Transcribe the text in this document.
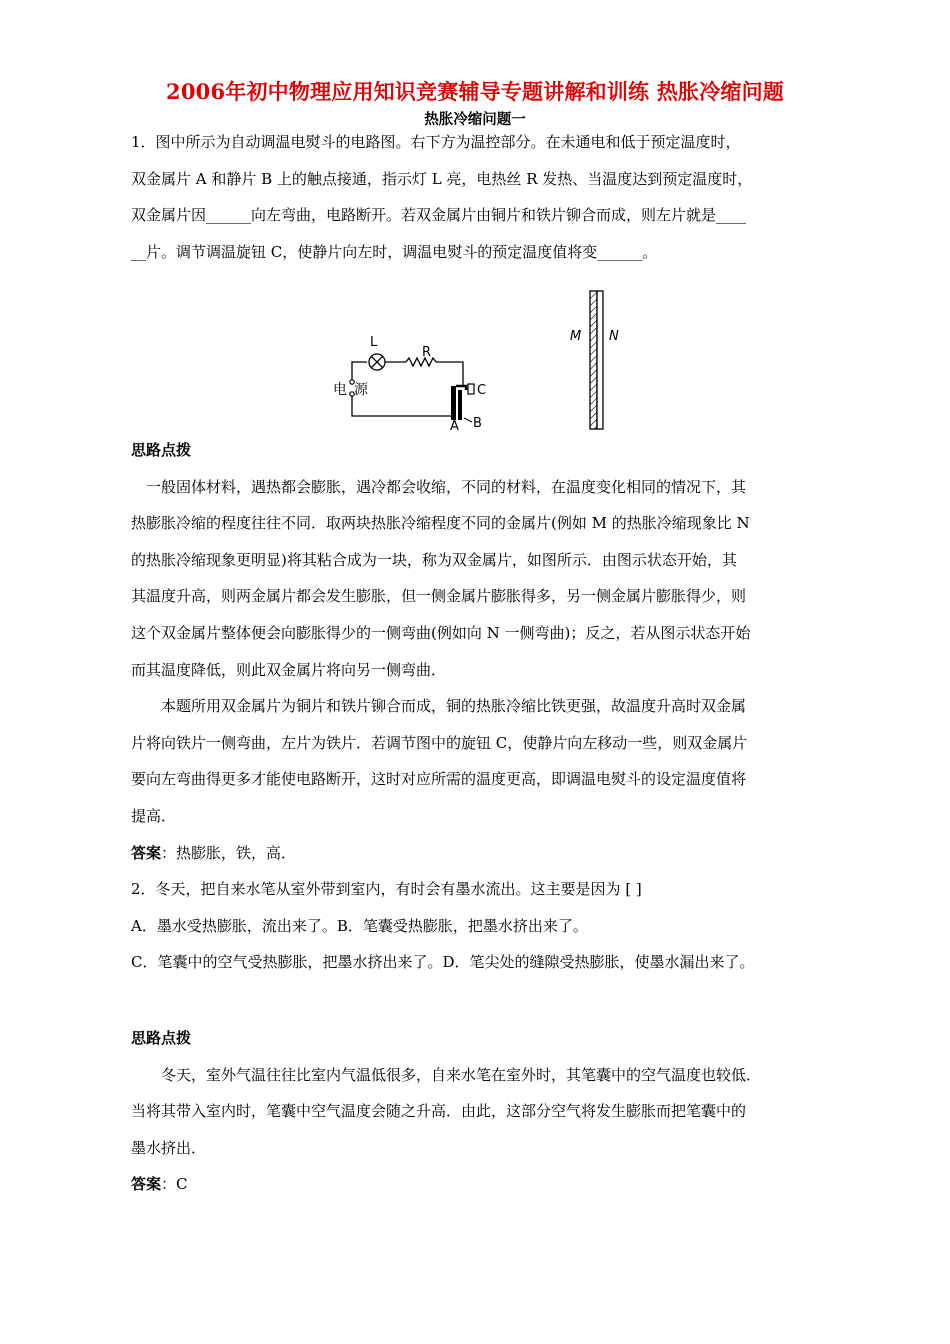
2006年初中物理应用知识竞赛辅导专题讲解和训练 热胀冷缩问题
热胀冷缩问题一

1．图中所示为自动调温电熨斗的电路图。右下方为温控部分。在未通电和低于预定温度时，

双金属片 A 和静片 B 上的触点接通，指示灯 L 亮，电热丝 R 发热、当温度达到预定温度时，

双金属片因______向左弯曲，电路断开。若双金属片由铜片和铁片铆合而成，则左片就是____

__片。调节调温旋钮 C，使静片向左时，调温电熨斗的预定温度值将变______。

L
R
电 源	C
A B
M N

思路点拨

一般固体材料，遇热都会膨胀，遇冷都会收缩，不同的材料，在温度变化相同的情况下，其

热膨胀冷缩的程度往往不同．取两块热胀冷缩程度不同的金属片(例如 M 的热胀冷缩现象比 N

的热胀冷缩现象更明显)将其粘合成为一块，称为双金属片，如图所示．由图示状态开始，其

其温度升高，则两金属片都会发生膨胀，但一侧金属片膨胀得多，另一侧金属片膨胀得少，则

这个双金属片整体便会向膨胀得少的一侧弯曲(例如向 N 一侧弯曲)；反之，若从图示状态开始

而其温度降低，则此双金属片将向另一侧弯曲．

本题所用双金属片为铜片和铁片铆合而成，铜的热胀冷缩比铁更强，故温度升高时双金属

片将向铁片一侧弯曲，左片为铁片．若调节图中的旋钮 C，使静片向左移动一些，则双金属片

要向左弯曲得更多才能使电路断开，这时对应所需的温度更高，即调温电熨斗的设定温度值将

提高．

答案：热膨胀，铁，高．

2．冬天，把自来水笔从室外带到室内，有时会有墨水流出。这主要是因为 [ ]

A．墨水受热膨胀，流出来了。B．笔囊受热膨胀，把墨水挤出来了。

C．笔囊中的空气受热膨胀，把墨水挤出来了。D．笔尖处的缝隙受热膨胀，使墨水漏出来了。

思路点拨

冬天，室外气温往往比室内气温低很多，自来水笔在室外时，其笔囊中的空气温度也较低．

当将其带入室内时，笔囊中空气温度会随之升高．由此，这部分空气将发生膨胀而把笔囊中的

墨水挤出．

答案：C
